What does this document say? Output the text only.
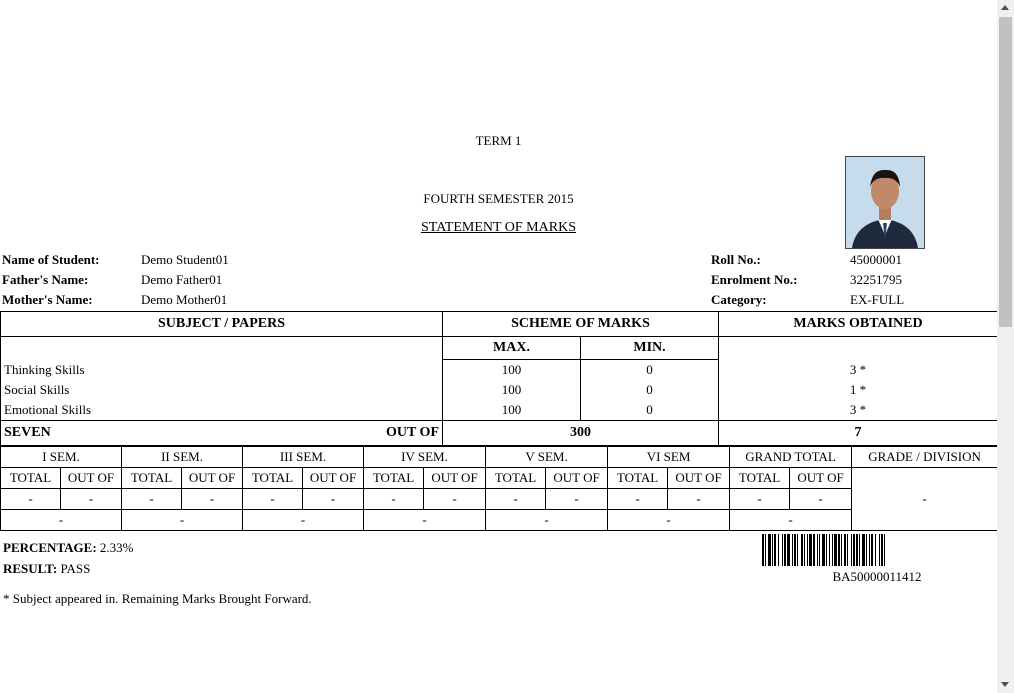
TERM 1
FOURTH SEMESTER 2015
STATEMENT OF MARKS
Name of Student:	Demo Student01
Father's Name:	Demo Father01
Mother's Name:	Demo Mother01
Roll No.:	45000001
Enrolment No.:	32251795
Category:	EX-FULL
SUBJECT / PAPERS	SCHEME OF MARKS		MARKS OBTAINED
	MAX.	MIN.	
Thinking Skills	100	0	3 *
Social Skills	100	0	1 *
Emotional Skills	100	0	3 *
SEVEN OUT OF	300		7
I SEM.		II SEM.		III SEM.		IV SEM.		V SEM.		VI SEM		GRAND TOTAL		GRADE / DIVISION
TOTAL	OUT OF	TOTAL	OUT OF	TOTAL	OUT OF	TOTAL	OUT OF	TOTAL	OUT OF	TOTAL	OUT OF	TOTAL	OUT OF	-
-	-	-	-	-	-	-	-	-	-	-	-	-	-	
-		-		-		-		-		-		-		
PERCENTAGE: 2.33%
RESULT: PASS
* Subject appeared in. Remaining Marks Brought Forward.
BA50000011412
